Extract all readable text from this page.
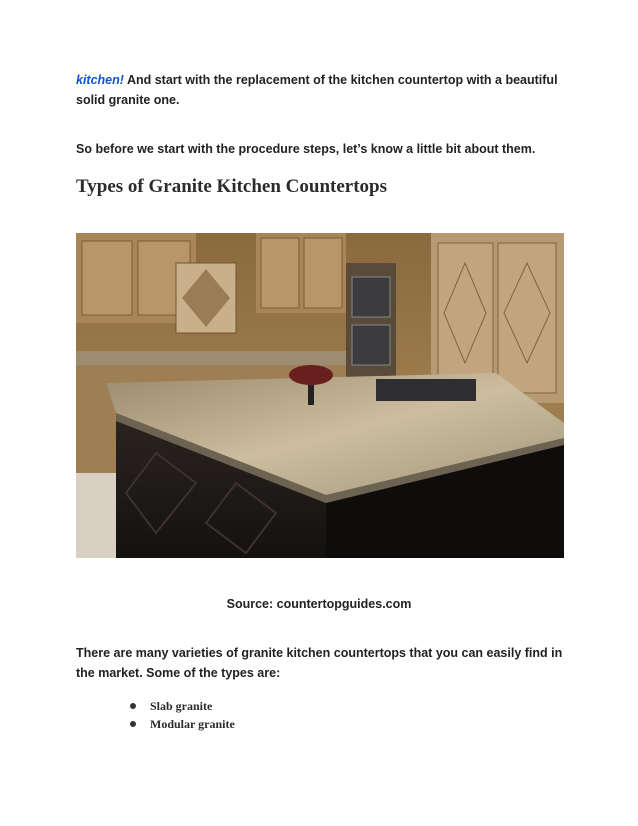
kitchen! And start with the replacement of the kitchen countertop with a beautiful solid granite one.

So before we start with the procedure steps, let’s know a little bit about them.

Types of Granite Kitchen Countertops
Source: countertopguides.com

There are many varieties of granite kitchen countertops that you can easily find in the market. Some of the types are:

Slab granite
Modular granite
